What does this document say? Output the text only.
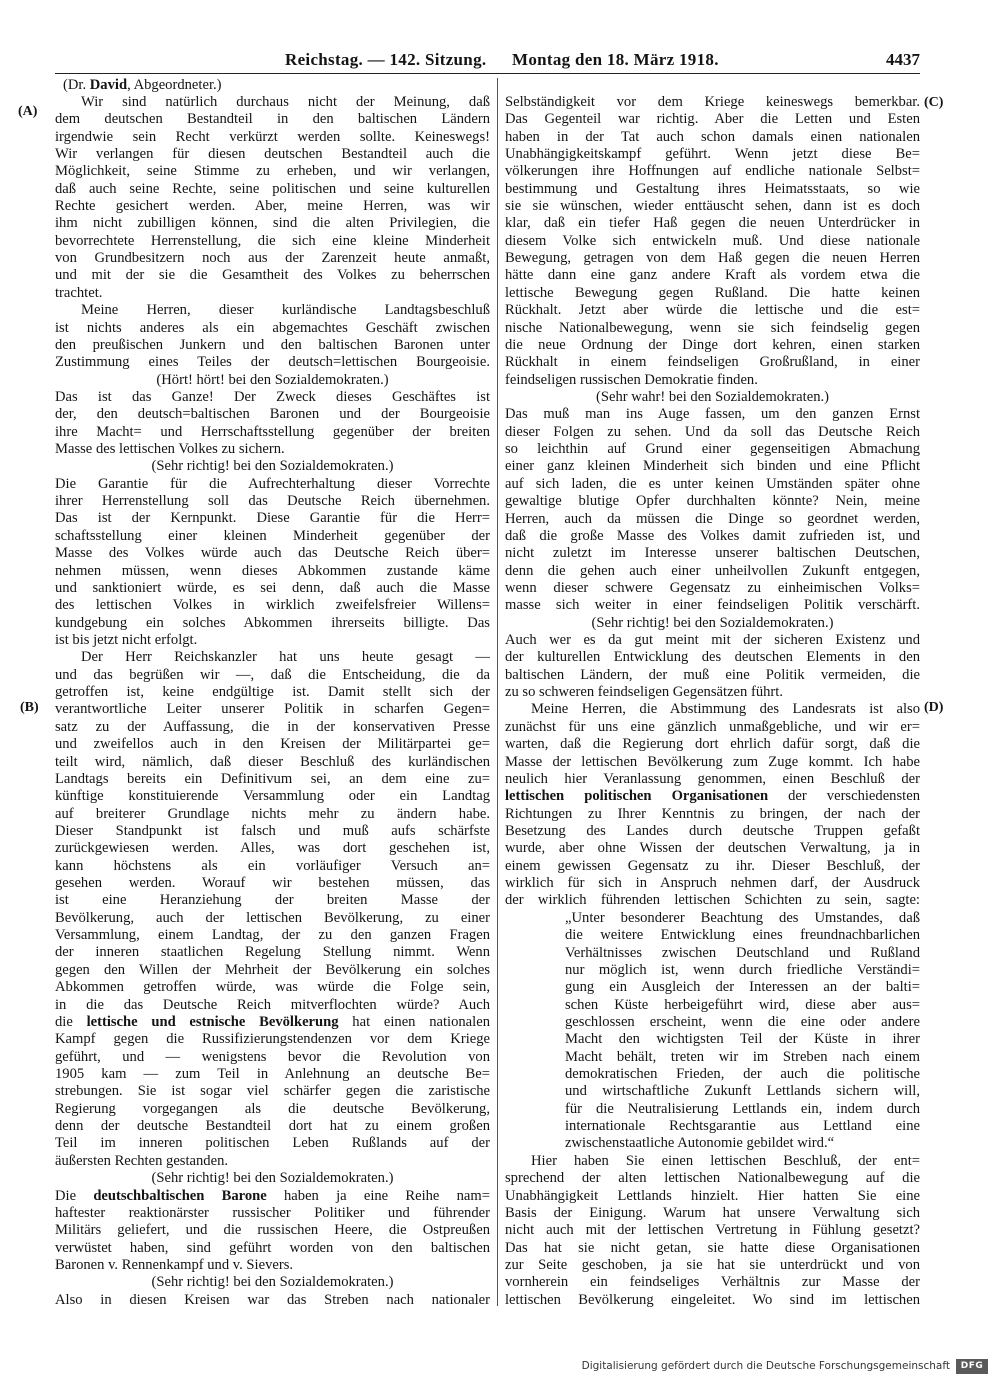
Reichstag. — 142. Sitzung. Montag den 18. März 1918.	4437
(A)
(B)
(C)
(D)
(Dr. David, Abgeordneter.)
Wir sind natürlich durchaus nicht der Meinung, daß
dem deutschen Bestandteil in den baltischen Ländern
irgendwie sein Recht verkürzt werden sollte. Keineswegs!
Wir verlangen für diesen deutschen Bestandteil auch die
Möglichkeit, seine Stimme zu erheben, und wir verlangen,
daß auch seine Rechte, seine politischen und seine kulturellen
Rechte gesichert werden. Aber, meine Herren, was wir
ihm nicht zubilligen können, sind die alten Privilegien, die
bevorrechtete Herrenstellung, die sich eine kleine Minderheit
von Grundbesitzern noch aus der Zarenzeit heute anmaßt,
und mit der sie die Gesamtheit des Volkes zu beherrschen
trachtet.
Meine Herren, dieser kurländische Landtagsbeschluß
ist nichts anderes als ein abgemachtes Geschäft zwischen
den preußischen Junkern und den baltischen Baronen unter
Zustimmung eines Teiles der deutsch=lettischen Bourgeoisie.
(Hört! hört! bei den Sozialdemokraten.)
Das ist das Ganze! Der Zweck dieses Geschäftes ist
der, den deutsch=baltischen Baronen und der Bourgeoisie
ihre Macht= und Herrschaftsstellung gegenüber der breiten
Masse des lettischen Volkes zu sichern.
(Sehr richtig! bei den Sozialdemokraten.)
Die Garantie für die Aufrechterhaltung dieser Vorrechte
ihrer Herrenstellung soll das Deutsche Reich übernehmen.
Das ist der Kernpunkt. Diese Garantie für die Herr=
schaftsstellung einer kleinen Minderheit gegenüber der
Masse des Volkes würde auch das Deutsche Reich über=
nehmen müssen, wenn dieses Abkommen zustande käme
und sanktioniert würde, es sei denn, daß auch die Masse
des lettischen Volkes in wirklich zweifelsfreier Willens=
kundgebung ein solches Abkommen ihrerseits billigte. Das
ist bis jetzt nicht erfolgt.
Der Herr Reichskanzler hat uns heute gesagt —
und das begrüßen wir —, daß die Entscheidung, die da
getroffen ist, keine endgültige ist. Damit stellt sich der
verantwortliche Leiter unserer Politik in scharfen Gegen=
satz zu der Auffassung, die in der konservativen Presse
und zweifellos auch in den Kreisen der Militärpartei ge=
teilt wird, nämlich, daß dieser Beschluß des kurländischen
Landtags bereits ein Definitivum sei, an dem eine zu=
künftige konstituierende Versammlung oder ein Landtag
auf breiterer Grundlage nichts mehr zu ändern habe.
Dieser Standpunkt ist falsch und muß aufs schärfste
zurückgewiesen werden. Alles, was dort geschehen ist,
kann höchstens als ein vorläufiger Versuch an=
gesehen werden. Worauf wir bestehen müssen, das
ist eine Heranziehung der breiten Masse der
Bevölkerung, auch der lettischen Bevölkerung, zu einer
Versammlung, einem Landtag, der zu den ganzen Fragen
der inneren staatlichen Regelung Stellung nimmt. Wenn
gegen den Willen der Mehrheit der Bevölkerung ein solches
Abkommen getroffen würde, was würde die Folge sein,
in die das Deutsche Reich mitverflochten würde? Auch
die lettische und estnische Bevölkerung hat einen nationalen
Kampf gegen die Russifizierungstendenzen vor dem Kriege
geführt, und — wenigstens bevor die Revolution von
1905 kam — zum Teil in Anlehnung an deutsche Be=
strebungen. Sie ist sogar viel schärfer gegen die zaristische
Regierung vorgegangen als die deutsche Bevölkerung,
denn der deutsche Bestandteil dort hat zu einem großen
Teil im inneren politischen Leben Rußlands auf der
äußersten Rechten gestanden.
(Sehr richtig! bei den Sozialdemokraten.)
Die deutschbaltischen Barone haben ja eine Reihe nam=
haftester reaktionärster russischer Politiker und führender
Militärs geliefert, und die russischen Heere, die Ostpreußen
verwüstet haben, sind geführt worden von den baltischen
Baronen v. Rennenkampf und v. Sievers.
(Sehr richtig! bei den Sozialdemokraten.)
Also in diesen Kreisen war das Streben nach nationaler
Selbständigkeit vor dem Kriege keineswegs bemerkbar.
Das Gegenteil war richtig. Aber die Letten und Esten
haben in der Tat auch schon damals einen nationalen
Unabhängigkeitskampf geführt. Wenn jetzt diese Be=
völkerungen ihre Hoffnungen auf endliche nationale Selbst=
bestimmung und Gestaltung ihres Heimatsstaats, so wie
sie sie wünschen, wieder enttäuscht sehen, dann ist es doch
klar, daß ein tiefer Haß gegen die neuen Unterdrücker in
diesem Volke sich entwickeln muß. Und diese nationale
Bewegung, getragen von dem Haß gegen die neuen Herren
hätte dann eine ganz andere Kraft als vordem etwa die
lettische Bewegung gegen Rußland. Die hatte keinen
Rückhalt. Jetzt aber würde die lettische und die est=
nische Nationalbewegung, wenn sie sich feindselig gegen
die neue Ordnung der Dinge dort kehren, einen starken
Rückhalt in einem feindseligen Großrußland, in einer
feindseligen russischen Demokratie finden.
(Sehr wahr! bei den Sozialdemokraten.)
Das muß man ins Auge fassen, um den ganzen Ernst
dieser Folgen zu sehen. Und da soll das Deutsche Reich
so leichthin auf Grund einer gegenseitigen Abmachung
einer ganz kleinen Minderheit sich binden und eine Pflicht
auf sich laden, die es unter keinen Umständen später ohne
gewaltige blutige Opfer durchhalten könnte? Nein, meine
Herren, auch da müssen die Dinge so geordnet werden,
daß die große Masse des Volkes damit zufrieden ist, und
nicht zuletzt im Interesse unserer baltischen Deutschen,
denn die gehen auch einer unheilvollen Zukunft entgegen,
wenn dieser schwere Gegensatz zu einheimischen Volks=
masse sich weiter in einer feindseligen Politik verschärft.
(Sehr richtig! bei den Sozialdemokraten.)
Auch wer es da gut meint mit der sicheren Existenz und
der kulturellen Entwicklung des deutschen Elements in den
baltischen Ländern, der muß eine Politik vermeiden, die
zu so schweren feindseligen Gegensätzen führt.
Meine Herren, die Abstimmung des Landesrats ist also
zunächst für uns eine gänzlich unmaßgebliche, und wir er=
warten, daß die Regierung dort ehrlich dafür sorgt, daß die
Masse der lettischen Bevölkerung zum Zuge kommt. Ich habe
neulich hier Veranlassung genommen, einen Beschluß der
lettischen politischen Organisationen der verschiedensten
Richtungen zu Ihrer Kenntnis zu bringen, der nach der
Besetzung des Landes durch deutsche Truppen gefaßt
wurde, aber ohne Wissen der deutschen Verwaltung, ja in
einem gewissen Gegensatz zu ihr. Dieser Beschluß, der
wirklich für sich in Anspruch nehmen darf, der Ausdruck
der wirklich führenden lettischen Schichten zu sein, sagte:
„Unter besonderer Beachtung des Umstandes, daß
die weitere Entwicklung eines freundnachbarlichen
Verhältnisses zwischen Deutschland und Rußland
nur möglich ist, wenn durch friedliche Verständi=
gung ein Ausgleich der Interessen an der balti=
schen Küste herbeigeführt wird, diese aber aus=
geschlossen erscheint, wenn die eine oder andere
Macht den wichtigsten Teil der Küste in ihrer
Macht behält, treten wir im Streben nach einem
demokratischen Frieden, der auch die politische
und wirtschaftliche Zukunft Lettlands sichern will,
für die Neutralisierung Lettlands ein, indem durch
internationale Rechtsgarantie aus Lettland eine
zwischenstaatliche Autonomie gebildet wird.“
Hier haben Sie einen lettischen Beschluß, der ent=
sprechend der alten lettischen Nationalbewegung auf die
Unabhängigkeit Lettlands hinzielt. Hier hatten Sie eine
Basis der Einigung. Warum hat unsere Verwaltung sich
nicht auch mit der lettischen Vertretung in Fühlung gesetzt?
Das hat sie nicht getan, sie hatte diese Organisationen
zur Seite geschoben, ja sie hat sie unterdrückt und von
vornherein ein feindseliges Verhältnis zur Masse der
lettischen Bevölkerung eingeleitet. Wo sind im lettischen
Digitalisierung gefördert durch die Deutsche Forschungsgemeinschaft	DFG
